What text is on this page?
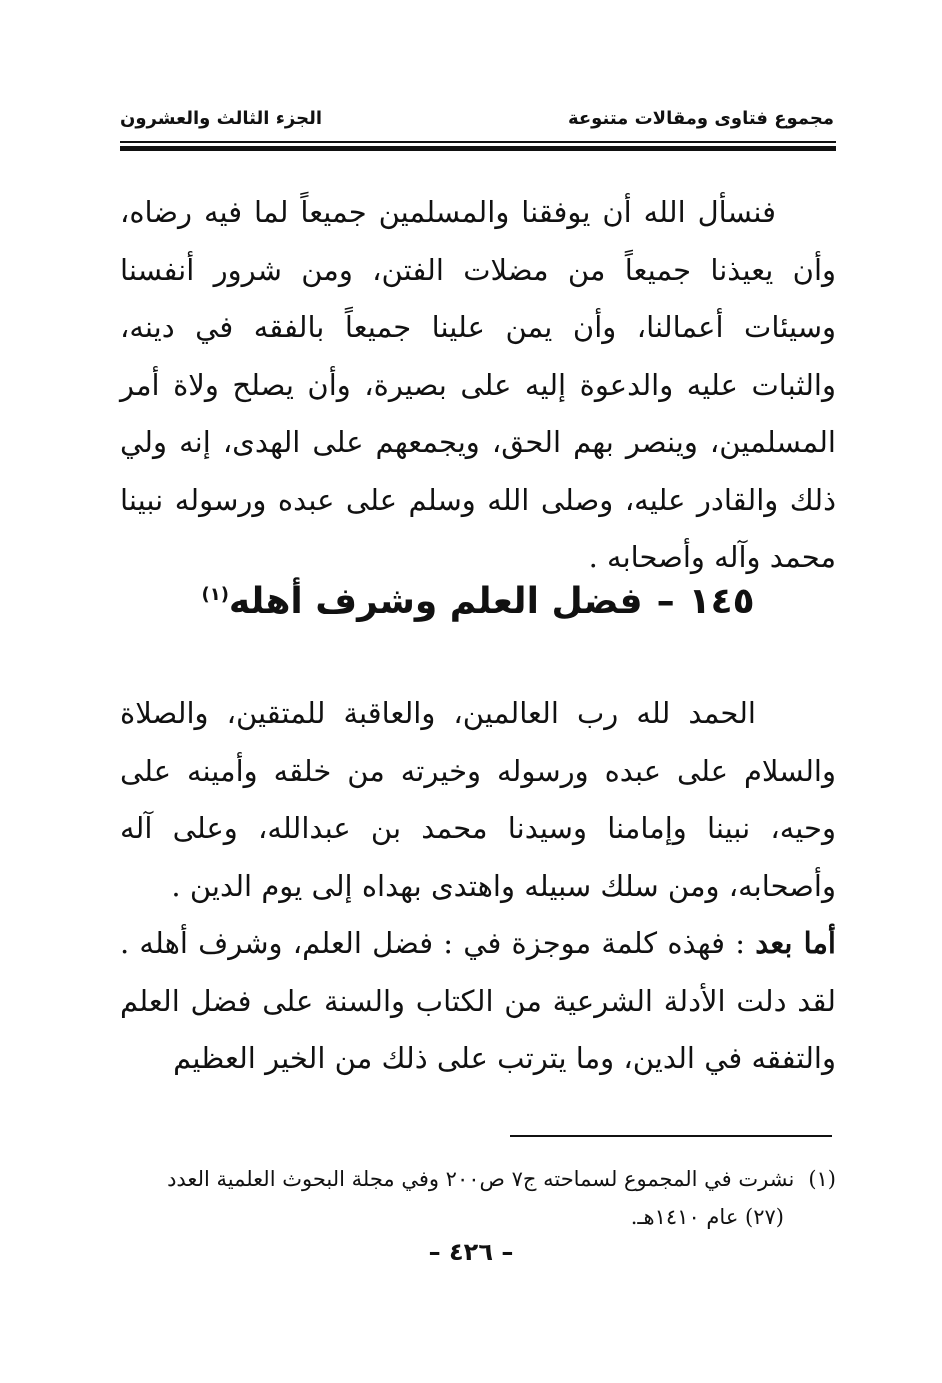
مجموع فتاوى ومقالات متنوعة
الجزء الثالث والعشرون

فنسأل الله أن يوفقنا والمسلمين جميعاً لما فيه رضاه، وأن يعيذنا جميعاً من مضلات الفتن، ومن شرور أنفسنا وسيئات أعمالنا، وأن يمن علينا جميعاً بالفقه في دينه، والثبات عليه والدعوة إليه على بصيرة، وأن يصلح ولاة أمر المسلمين، وينصر بهم الحق، ويجمعهم على الهدى، إنه ولي ذلك والقادر عليه، وصلى الله وسلم على عبده ورسوله نبينا محمد وآله وأصحابه .

١٤٥–فضل العلم وشرف أهله$^{(١)}$

الحمد لله رب العالمين، والعاقبة للمتقين، والصلاة والسلام على عبده ورسوله وخيرته من خلقه وأمينه على وحيه، نبينا وإمامنا وسيدنا محمد بن عبدالله، وعلى آله وأصحابه، ومن سلك سبيله واهتدى بهداه إلى يوم الدين .

أما بعد : فهذه كلمة موجزة في : فضل العلم، وشرف أهله . لقد دلت الأدلة الشرعية من الكتاب والسنة على فضل العلم والتفقه في الدين، وما يترتب على ذلك من الخير العظيم

(١)نشرت في المجموع لسماحته ج٧ ص٢٠٠ وفي مجلة البحوث العلمية العدد
(٢٧) عام ١٤١٠هـ.

– ٤٢٦ –
